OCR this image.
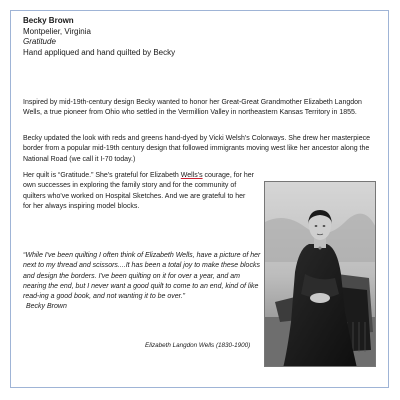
Becky Brown
Montpelier, Virginia
Gratitude
Hand appliqued and hand quilted by Becky
Inspired by mid-19th-century design Becky wanted to honor her Great-Great Grandmother Elizabeth Langdon Wells, a true pioneer from Ohio who settled in the Vermillion Valley in northeastern Kansas Territory in 1855.
Becky updated the look with reds and greens hand-dyed by Vicki Welsh's Colorways. She drew her masterpiece border from a popular mid-19th century design that followed immigrants moving west like her ancestor along the National Road (we call it I-70 today.)
Her quilt is “Gratitude.” She's grateful for Elizabeth Wells's courage, for her own successes in exploring the family story and for the community of quilters who've worked on Hospital Sketches. And we are grateful to her for her always inspiring model blocks.
“While I've been quilting I often think of Elizabeth Wells, have a picture of her next to my thread and scissors....It has been a total joy to make these blocks and design the borders. I've been quilting on it for over a year, and am nearing the end, but I never want a good quilt to come to an end, kind of like read-ing a good book, and not wanting it to be over.”
Becky Brown
Elizabeth Langdon Wells (1830-1900)
